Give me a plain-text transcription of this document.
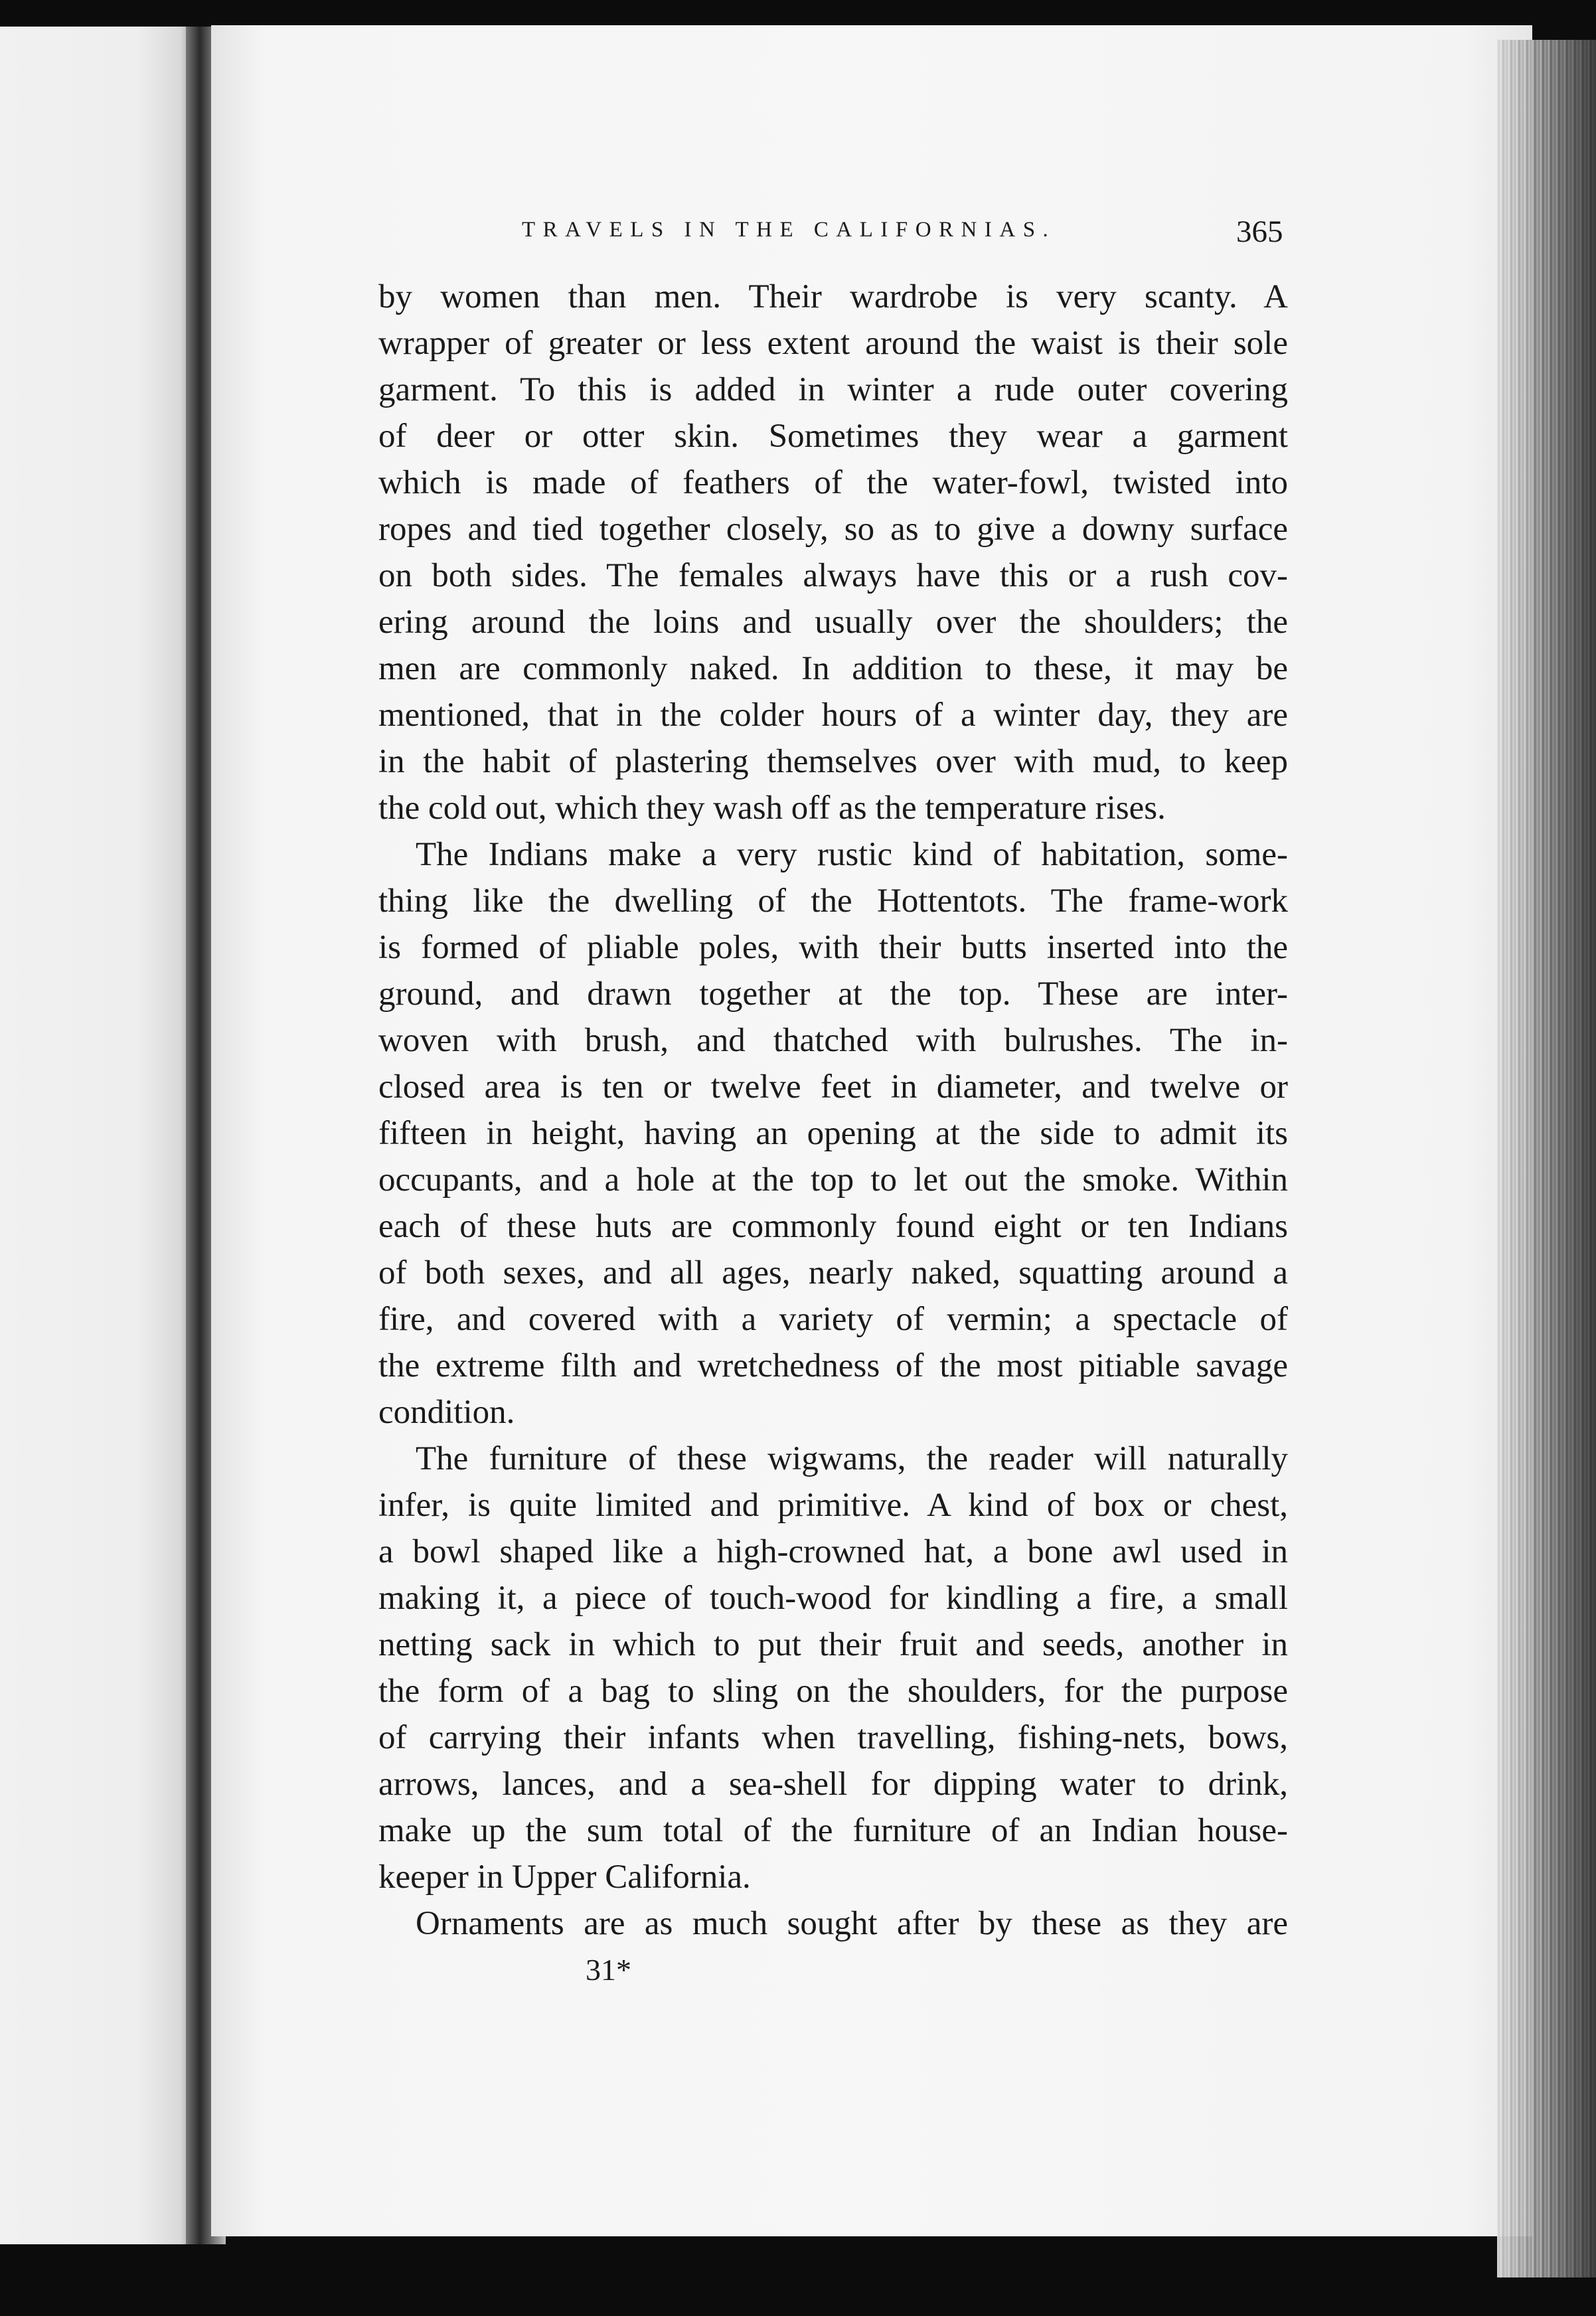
TRAVELS IN THE CALIFORNIAS.	365
by women than men. Their wardrobe is very scanty. A
wrapper of greater or less extent around the waist is their sole
garment. To this is added in winter a rude outer covering
of deer or otter skin. Sometimes they wear a garment
which is made of feathers of the water-fowl, twisted into
ropes and tied together closely, so as to give a downy surface
on both sides. The females always have this or a rush cov-
ering around the loins and usually over the shoulders; the
men are commonly naked. In addition to these, it may be
mentioned, that in the colder hours of a winter day, they are
in the habit of plastering themselves over with mud, to keep
the cold out, which they wash off as the temperature rises.
The Indians make a very rustic kind of habitation, some-
thing like the dwelling of the Hottentots. The frame-work
is formed of pliable poles, with their butts inserted into the
ground, and drawn together at the top. These are inter-
woven with brush, and thatched with bulrushes. The in-
closed area is ten or twelve feet in diameter, and twelve or
fifteen in height, having an opening at the side to admit its
occupants, and a hole at the top to let out the smoke. Within
each of these huts are commonly found eight or ten Indians
of both sexes, and all ages, nearly naked, squatting around a
fire, and covered with a variety of vermin; a spectacle of
the extreme filth and wretchedness of the most pitiable savage
condition.
The furniture of these wigwams, the reader will naturally
infer, is quite limited and primitive. A kind of box or chest,
a bowl shaped like a high-crowned hat, a bone awl used in
making it, a piece of touch-wood for kindling a fire, a small
netting sack in which to put their fruit and seeds, another in
the form of a bag to sling on the shoulders, for the purpose
of carrying their infants when travelling, fishing-nets, bows,
arrows, lances, and a sea-shell for dipping water to drink,
make up the sum total of the furniture of an Indian house-
keeper in Upper California.
Ornaments are as much sought after by these as they are
31*
